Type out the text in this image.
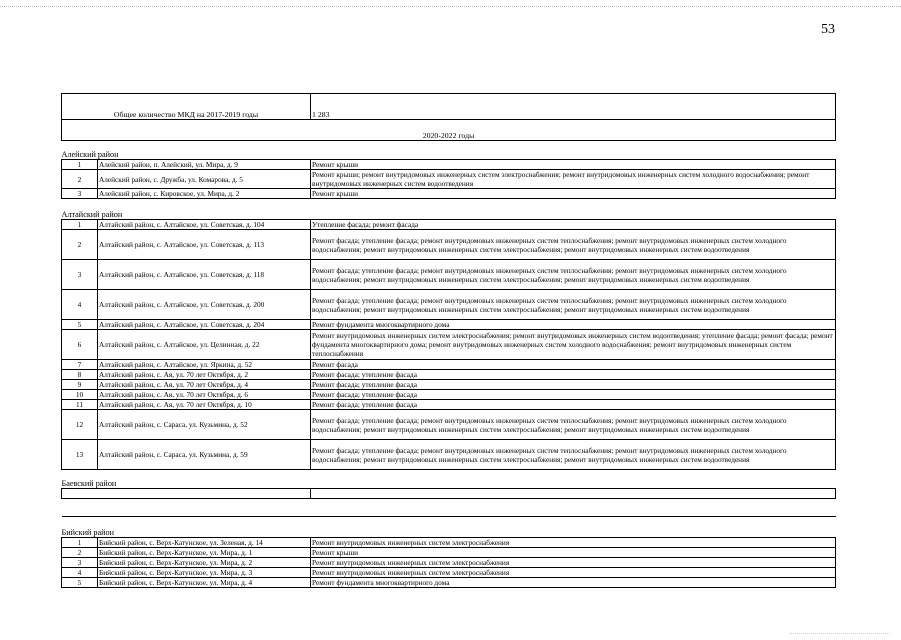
53
Общее количество МКД на 2017-2019 годы		1 283
2020-2022 годы		
Алейский район		
1	Алейский район, п. Алейский, ул. Мира, д. 9	Ремонт крыши
2	Алейский район, с. Дружба, ул. Комарова, д. 5	Ремонт крыши; ремонт внутридомовых инженерных систем электроснабжения; ремонт внутридомовых инженерных систем холодного водоснабжения; ремонт внутридомовых инженерных систем водоотведения
3	Алейский район, с. Кировское, ул. Мира, д. 2	Ремонт крыши
Алтайский район		
1	Алтайский район, с. Алтайское, ул. Советская, д. 104	Утепление фасада; ремонт фасада
2	Алтайский район, с. Алтайское, ул. Советская, д. 113	Ремонт фасада; утепление фасада; ремонт внутридомовых инженерных систем теплоснабжения; ремонт внутридомовых инженерных систем холодного водоснабжения; ремонт внутридомовых инженерных систем электроснабжения; ремонт внутридомовых инженерных систем водоотведения
3	Алтайский район, с. Алтайское, ул. Советская, д. 118	Ремонт фасада; утепление фасада; ремонт внутридомовых инженерных систем теплоснабжения; ремонт внутридомовых инженерных систем холодного водоснабжения; ремонт внутридомовых инженерных систем электроснабжения; ремонт внутридомовых инженерных систем водоотведения
4	Алтайский район, с. Алтайское, ул. Советская, д. 200	Ремонт фасада; утепление фасада; ремонт внутридомовых инженерных систем теплоснабжения; ремонт внутридомовых инженерных систем холодного водоснабжения; ремонт внутридомовых инженерных систем электроснабжения; ремонт внутридомовых инженерных систем водоотведения
5	Алтайский район, с. Алтайское, ул. Советская, д. 204	Ремонт фундамента многоквартирного дома
6	Алтайский район, с. Алтайское, ул. Целинная, д. 22	Ремонт внутридомовых инженерных систем электроснабжения; ремонт внутридомовых инженерных систем водоотведения; утепление фасада; ремонт фасада; ремонт фундамента многоквартирного дома; ремонт внутридомовых инженерных систем холодного водоснабжения; ремонт внутридомовых инженерных систем теплоснабжения
7	Алтайский район, с. Алтайское, ул. Яркина, д. 52	Ремонт фасада
8	Алтайский район, с. Ая, ул. 70 лет Октября, д. 2	Ремонт фасада; утепление фасада
9	Алтайский район, с. Ая, ул. 70 лет Октября, д. 4	Ремонт фасада; утепление фасада
10	Алтайский район, с. Ая, ул. 70 лет Октября, д. 6	Ремонт фасада; утепление фасада
11	Алтайский район, с. Ая, ул. 70 лет Октября, д. 10	Ремонт фасада; утепление фасада
12	Алтайский район, с. Сараса, ул. Кузьмина, д. 52	Ремонт фасада; утепление фасада; ремонт внутридомовых инженерных систем теплоснабжения; ремонт внутридомовых инженерных систем холодного водоснабжения; ремонт внутридомовых инженерных систем электроснабжения; ремонт внутридомовых инженерных систем водоотведения
13	Алтайский район, с. Сараса, ул. Кузьмина, д. 59	Ремонт фасада; утепление фасада; ремонт внутридомовых инженерных систем теплоснабжения; ремонт внутридомовых инженерных систем холодного водоснабжения; ремонт внутридомовых инженерных систем электроснабжения; ремонт внутридомовых инженерных систем водоотведения
Баевский район		

Бийский район		
1	Бийский район, с. Верх-Катунское, ул. Зеленая, д. 14	Ремонт внутридомовых инженерных систем электроснабжения
2	Бийский район, с. Верх-Катунское, ул. Мира, д. 1	Ремонт крыши
3	Бийский район, с. Верх-Катунское, ул. Мира, д. 2	Ремонт внутридомовых инженерных систем электроснабжения
4	Бийский район, с. Верх-Катунское, ул. Мира, д. 3	Ремонт внутридомовых инженерных систем электроснабжения
5	Бийский район, с. Верх-Катунское, ул. Мира, д. 4	Ремонт фундамента многоквартирного дома
